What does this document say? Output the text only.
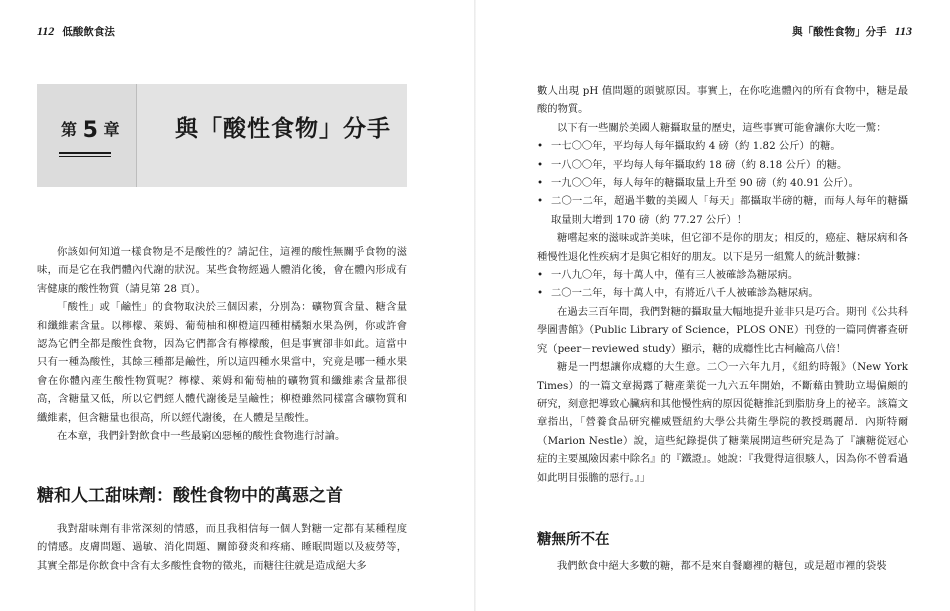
112 低酸飲食法
第 5 章 與「酸性食物」分手

你該如何知道一樣食物是不是酸性的？請記住，這裡的酸性無關乎食物的滋味，而是它在我們體內代謝的狀況。某些食物經過人體消化後，會在體內形成有害健康的酸性物質（請見第 28 頁）。

「酸性」或「鹼性」的食物取決於三個因素，分別為：礦物質含量、糖含量和纖維素含量。以檸檬、萊姆、葡萄柚和柳橙這四種柑橘類水果為例，你或許會認為它們全都是酸性食物，因為它們都含有檸檬酸，但是事實卻非如此。這當中只有一種為酸性，其餘三種都是鹼性，所以這四種水果當中，究竟是哪一種水果會在你體內產生酸性物質呢？檸檬、萊姆和葡萄柚的礦物質和纖維素含量都很高，含糖量又低，所以它們經人體代謝後是呈鹼性；柳橙雖然同樣富含礦物質和纖維素，但含糖量也很高，所以經代謝後，在人體是呈酸性。

在本章，我們針對飲食中一些最窮凶惡極的酸性食物進行討論。

糖和人工甜味劑：酸性食物中的萬惡之首

我對甜味劑有非常深刻的情感，而且我相信每一個人對糖一定都有某種程度的情感。皮膚問題、過敏、消化問題、關節發炎和疼痛、睡眠問題以及疲勞等，其實全都是你飲食中含有太多酸性食物的徵兆，而糖往往就是造成絕大多

與「酸性食物」分手 113

數人出現 pH 值問題的頭號原因。事實上，在你吃進體內的所有食物中，糖是最酸的物質。

以下有一些關於美國人糖攝取量的歷史，這些事實可能會讓你大吃一驚：

• 一七〇〇年，平均每人每年攝取約 4 磅（約 1.82 公斤）的糖。
• 一八〇〇年，平均每人每年攝取約 18 磅（約 8.18 公斤）的糖。
• 一九〇〇年，每人每年的糖攝取量上升至 90 磅（約 40.91 公斤）。
• 二〇一二年，超過半數的美國人「每天」都攝取半磅的糖，而每人每年的糖攝取量則大增到 170 磅（約 77.27 公斤）！

糖嚐起來的滋味或許美味，但它卻不是你的朋友；相反的，癌症、糖尿病和各種慢性退化性疾病才是與它相好的朋友。以下是另一組驚人的統計數據：

• 一八九〇年，每十萬人中，僅有三人被確診為糖尿病。
• 二〇一二年，每十萬人中，有將近八千人被確診為糖尿病。

在過去三百年間，我們對糖的攝取量大幅地提升並非只是巧合。期刊《公共科學圖書館》（Public Library of Science，PLOS ONE）刊登的一篇同儕審查研究（peer－reviewed study）顯示，糖的成癮性比古柯鹼高八倍！

糖是一門想讓你成癮的大生意。二〇一六年九月，《紐約時報》（New York Times）的一篇文章揭露了糖產業從一九六五年開始，不斷藉由贊助立場偏頗的研究，刻意把導致心臟病和其他慢性病的原因從糖推託到脂肪身上的祕辛。該篇文章指出，「營養食品研究權威暨紐約大學公共衛生學院的教授瑪麗昂．內斯特爾（Marion Nestle）說，這些紀錄提供了糖業展開這些研究是為了『讓糖從冠心症的主要風險因素中除名』的『鐵證』。她說：『我覺得這很駭人，因為你不曾看過如此明目張膽的惡行。』」

糖無所不在

我們飲食中絕大多數的糖，都不是來自餐廳裡的糖包，或是超市裡的袋裝
